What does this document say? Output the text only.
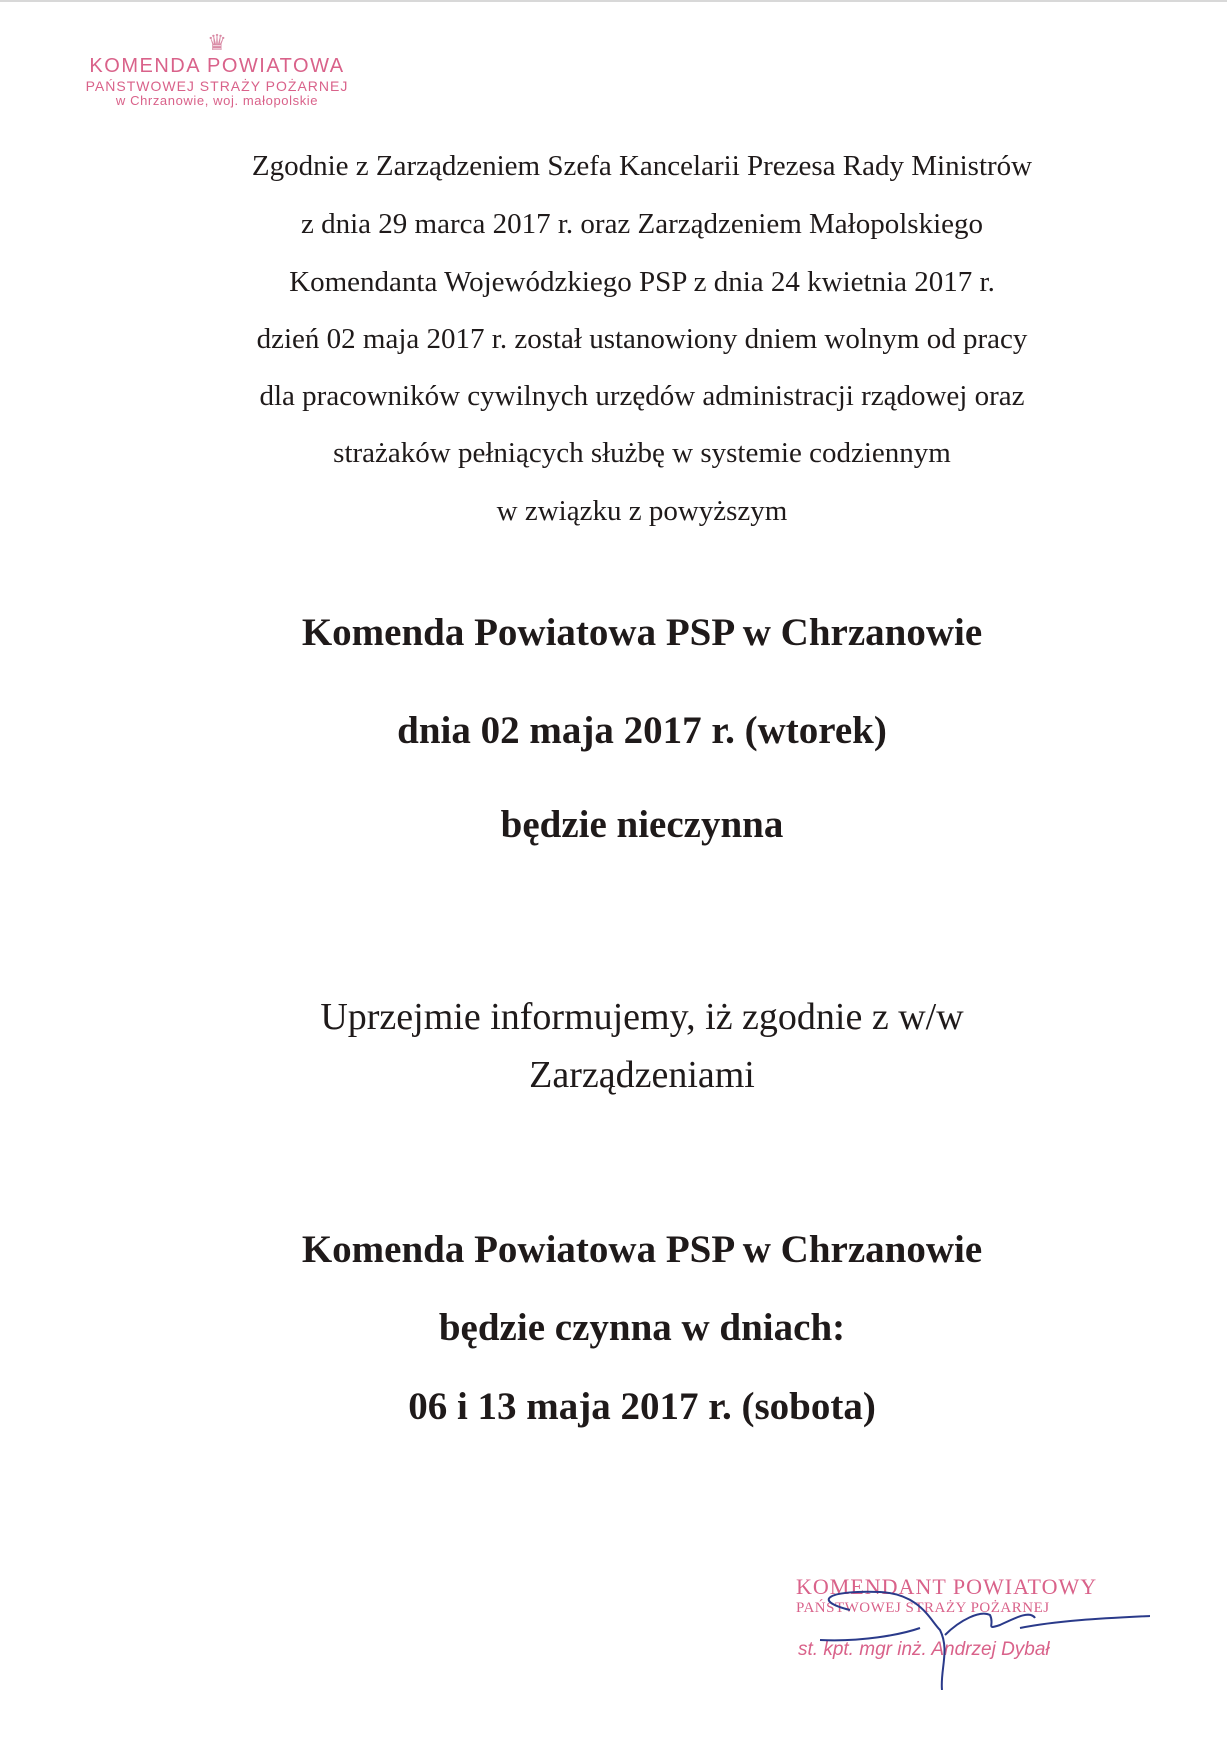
♛
KOMENDA POWIATOWA
PAŃSTWOWEJ STRAŻY POŻARNEJ
w Chrzanowie, woj. małopolskie
Zgodnie z Zarządzeniem Szefa Kancelarii Prezesa Rady Ministrów
z dnia 29 marca 2017 r. oraz Zarządzeniem Małopolskiego
Komendanta Wojewódzkiego PSP z dnia 24 kwietnia 2017 r.
dzień 02 maja 2017 r. został ustanowiony dniem wolnym od pracy
dla pracowników cywilnych urzędów administracji rządowej oraz
strażaków pełniących służbę w systemie codziennym
w związku z powyższym
Komenda Powiatowa PSP w Chrzanowie
dnia 02 maja 2017 r. (wtorek)
będzie nieczynna
Uprzejmie informujemy, iż zgodnie z w/w
Zarządzeniami
Komenda Powiatowa PSP w Chrzanowie
będzie czynna w dniach:
06 i 13 maja 2017 r. (sobota)
KOMENDANT POWIATOWY
PAŃSTWOWEJ STRAŻY POŻARNEJ
st. kpt. mgr inż. Andrzej Dybał
